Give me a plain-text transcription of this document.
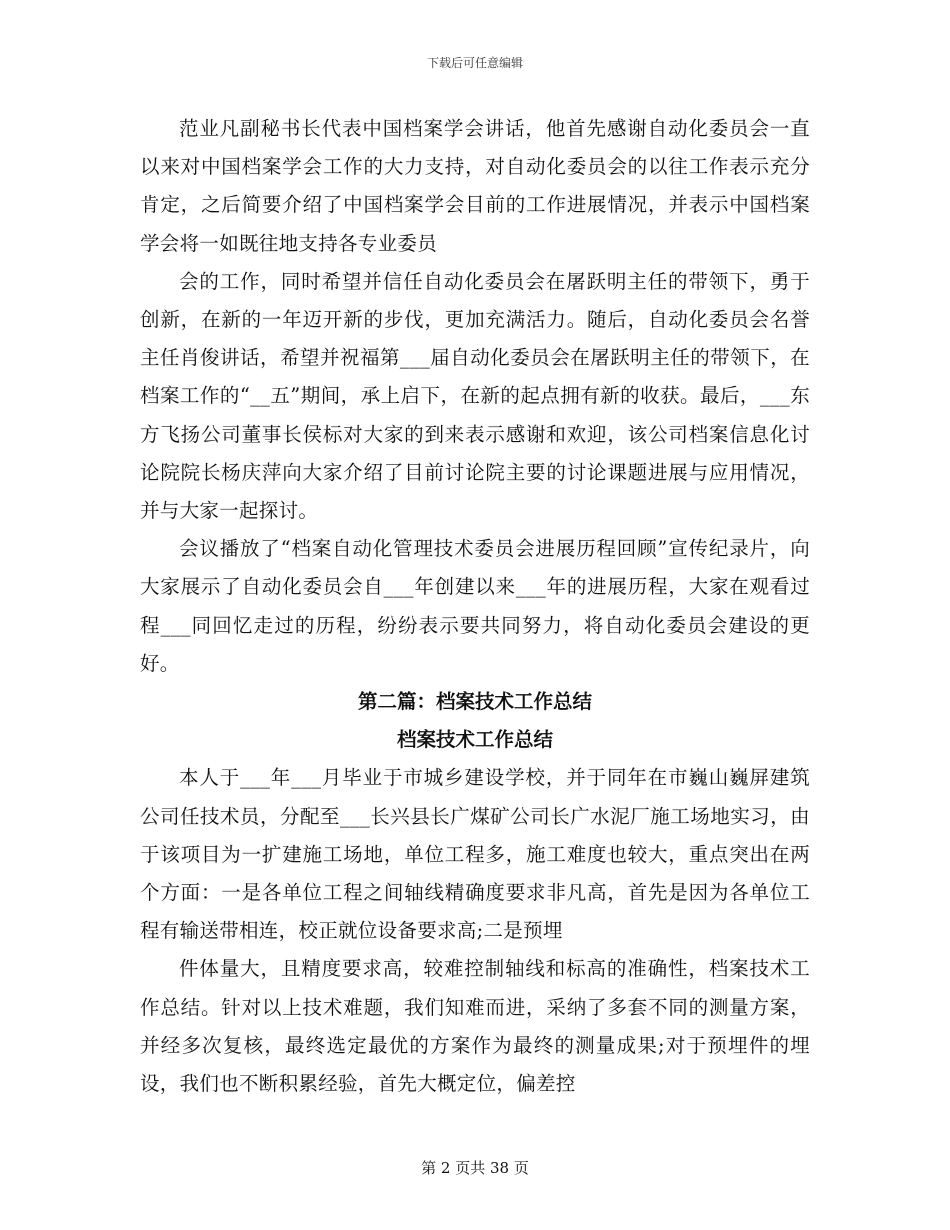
下载后可任意编辑

范业凡副秘书长代表中国档案学会讲话，他首先感谢自动化委员会一直以来对中国档案学会工作的大力支持，对自动化委员会的以往工作表示充分肯定，之后简要介绍了中国档案学会目前的工作进展情况，并表示中国档案学会将一如既往地支持各专业委员

会的工作，同时希望并信任自动化委员会在屠跃明主任的带领下，勇于创新，在新的一年迈开新的步伐，更加充满活力。随后，自动化委员会名誉主任肖俊讲话，希望并祝福第___届自动化委员会在屠跃明主任的带领下，在档案工作的“__五”期间，承上启下，在新的起点拥有新的收获。最后，___东方飞扬公司董事长侯标对大家的到来表示感谢和欢迎，该公司档案信息化讨论院院长杨庆萍向大家介绍了目前讨论院主要的讨论课题进展与应用情况，并与大家一起探讨。

会议播放了“档案自动化管理技术委员会进展历程回顾”宣传纪录片，向大家展示了自动化委员会自___年创建以来___年的进展历程，大家在观看过程___同回忆走过的历程，纷纷表示要共同努力，将自动化委员会建设的更好。

第二篇：档案技术工作总结

档案技术工作总结

本人于___年___月毕业于市城乡建设学校，并于同年在市巍山巍屏建筑公司任技术员，分配至___长兴县长广煤矿公司长广水泥厂施工场地实习，由于该项目为一扩建施工场地，单位工程多，施工难度也较大，重点突出在两个方面：一是各单位工程之间轴线精确度要求非凡高，首先是因为各单位工程有输送带相连，校正就位设备要求高;二是预埋

件体量大，且精度要求高，较难控制轴线和标高的准确性，档案技术工作总结。针对以上技术难题，我们知难而进，采纳了多套不同的测量方案，并经多次复核，最终选定最优的方案作为最终的测量成果;对于预埋件的埋设，我们也不断积累经验，首先大概定位，偏差控

第 2 页共 38 页
